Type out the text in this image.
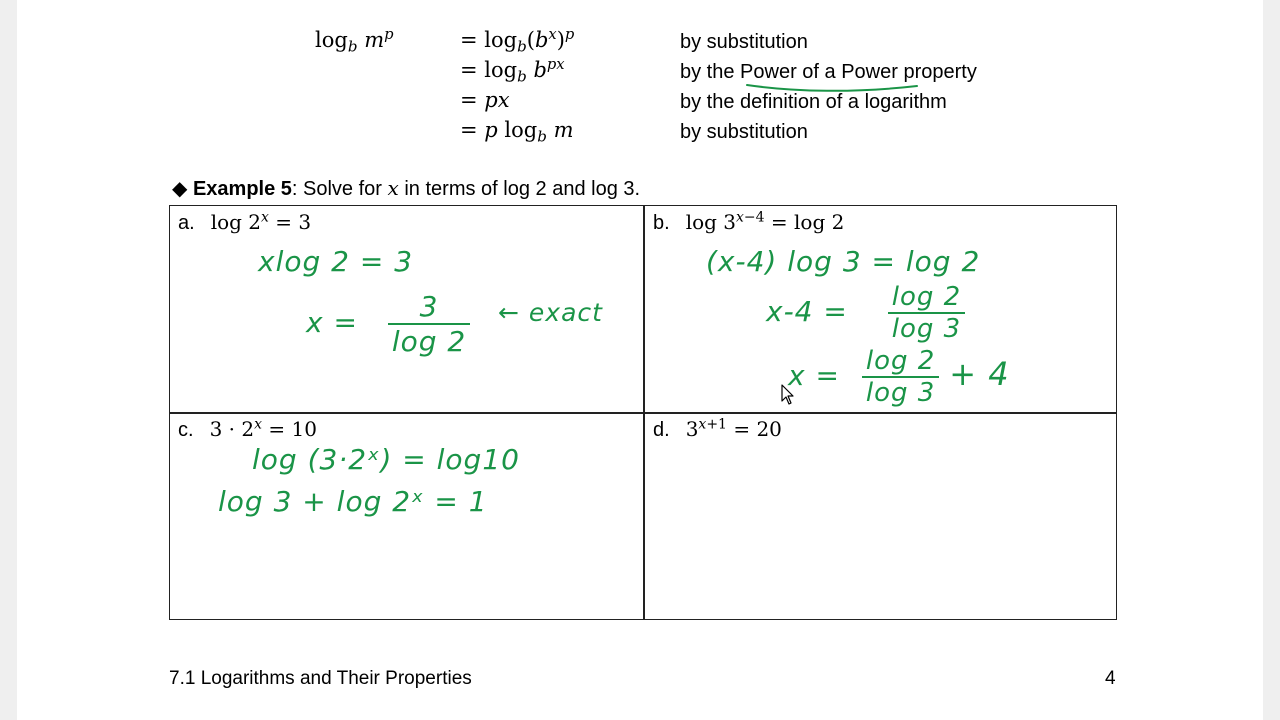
$\log_b m^p$	= $\log_b(b^x)^p$	by substitution
= $\log_b b^{px}$	by the Power of a Power property
= px	by the definition of a logarithm
= p $\log_b m$	by substitution
◆ Example 5: Solve for x in terms of log 2 and log 3.
a. $\log 2^x = 3$	b. $\log 3^{x-4} = \log 2$
c. $3 \cdot 2^x = 10$	d. $3^{x+1} = 20$
xlog 2 = 3
$x = \frac{3}{\log 2}$ ← exact
(x-4) log 3 = log 2
$x-4 = \frac{\log 2}{\log 3}$
$x = \frac{\log 2}{\log 3} + 4$
log (3·2ˣ) = log10
log 3 + log 2ˣ = 1
7.1 Logarithms and Their Properties	4
